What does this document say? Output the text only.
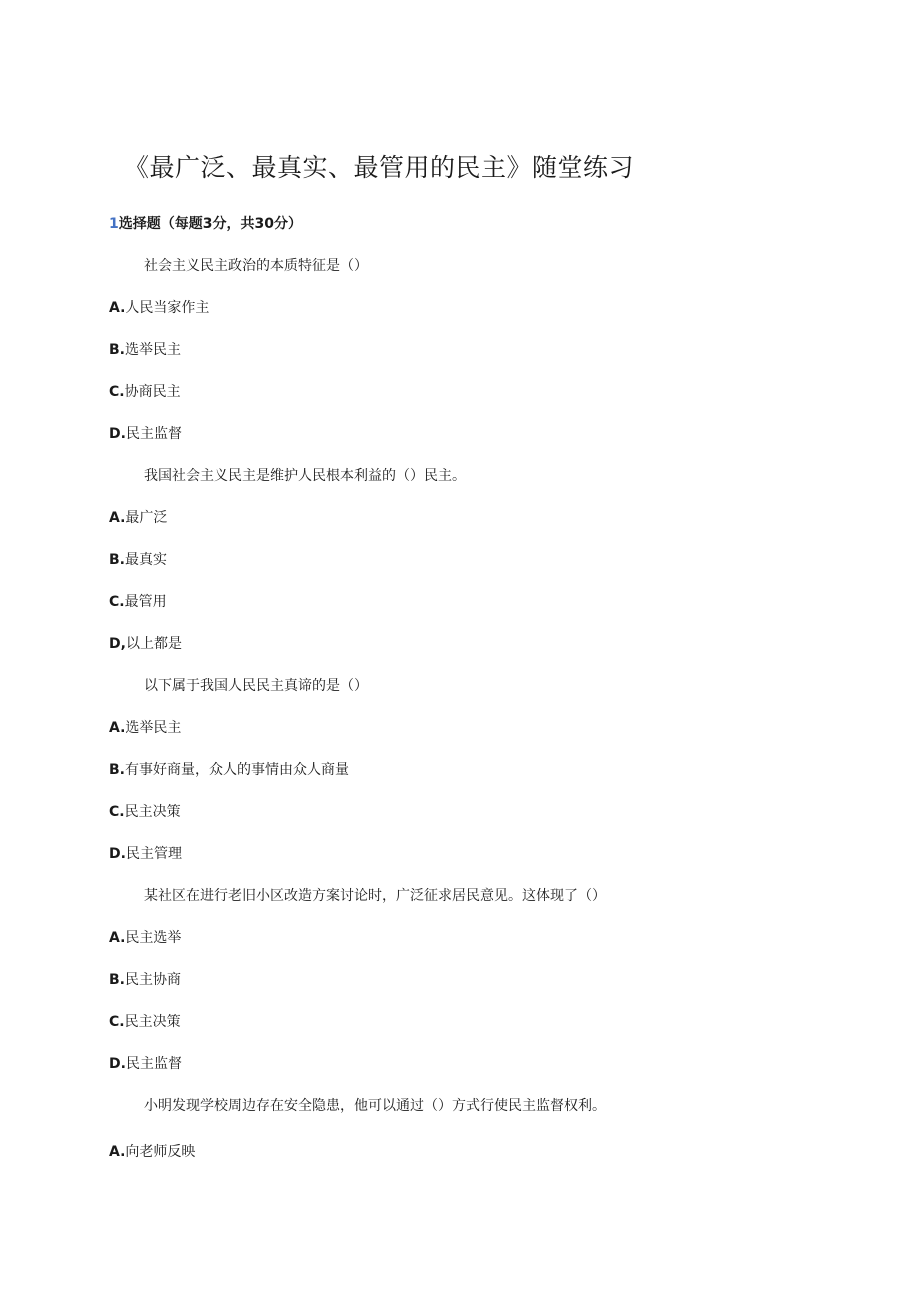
《最广泛、最真实、最管用的民主》随堂练习
1选择题（每题3分，共30分）
社会主义民主政治的本质特征是（）
A.人民当家作主
B.选举民主
C.协商民主
D.民主监督
我国社会主义民主是维护人民根本利益的（）民主。
A.最广泛
B.最真实
C.最管用
D,以上都是
以下属于我国人民民主真谛的是（）
A.选举民主
B.有事好商量，众人的事情由众人商量
C.民主决策
D.民主管理
某社区在进行老旧小区改造方案讨论时，广泛征求居民意见。这体现了（）
A.民主选举
B.民主协商
C.民主决策
D.民主监督
小明发现学校周边存在安全隐患，他可以通过（）方式行使民主监督权利。
A.向老师反映
